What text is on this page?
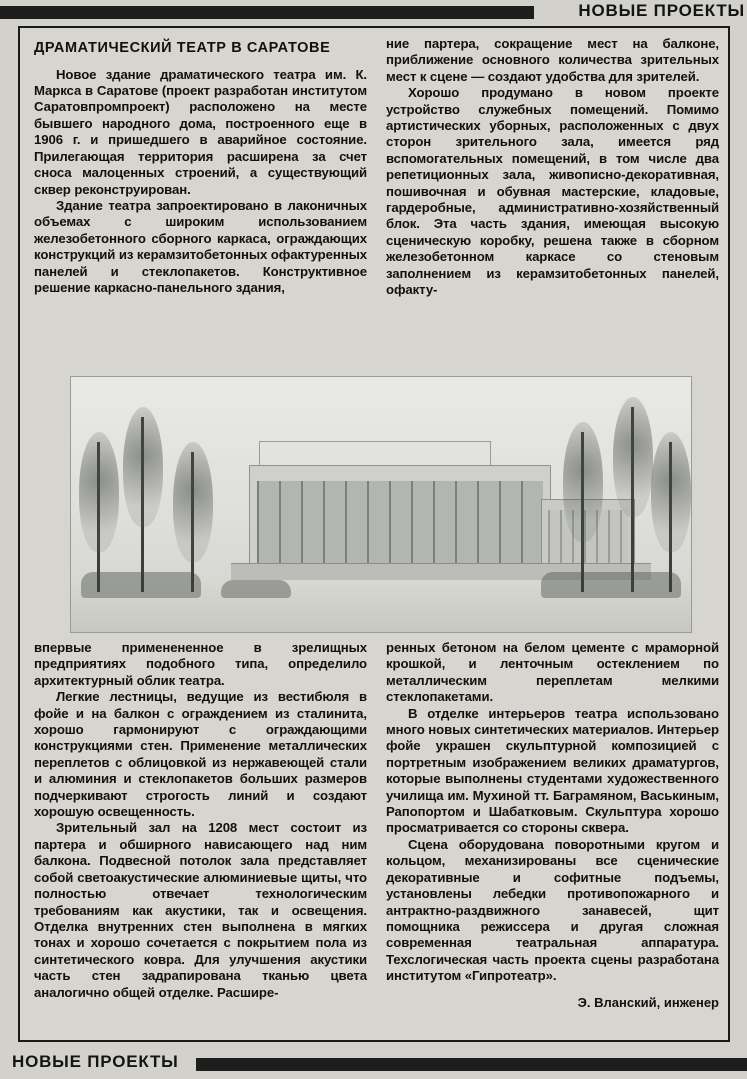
НОВЫЕ ПРОЕКТЫ
ДРАМАТИЧЕСКИЙ ТЕАТР В САРАТОВЕ

Новое здание драматического театра им. К. Маркса в Саратове (проект разработан институтом Саратовпромпроект) расположено на месте бывшего народного дома, построенного еще в 1906 г. и пришедшего в аварийное состояние. Прилегающая территория расширена за счет сноса малоценных строений, а существующий сквер реконструирован.

Здание театра запроектировано в лаконичных объемах с широким использованием железобетонного сборного каркаса, ограждающих конструкций из керамзитобетонных офактуренных панелей и стеклопакетов. Конструктивное решение каркасно-панельного здания,

ние партера, сокращение мест на балконе, приближение основного количества зрительных мест к сцене — создают удобства для зрителей.

Хорошо продумано в новом проекте устройство служебных помещений. Помимо артистических уборных, расположенных с двух сторон зрительного зала, имеется ряд вспомогательных помещений, в том числе два репетиционных зала, живописно-декоративная, пошивочная и обувная мастерские, кладовые, гардеробные, административно-хозяйственный блок. Эта часть здания, имеющая высокую сценическую коробку, решена также в сборном железобетонном каркасе со стеновым заполнением из керамзитобетонных панелей, офакту-

впервые применененное в зрелищных предприятиях подобного типа, определило архитектурный облик театра.

Легкие лестницы, ведущие из вестибюля в фойе и на балкон с ограждением из сталинита, хорошо гармонируют с ограждающими конструкциями стен. Применение металлических переплетов с облицовкой из нержавеющей стали и алюминия и стеклопакетов больших размеров подчеркивают строгость линий и создают хорошую освещенность.

Зрительный зал на 1208 мест состоит из партера и обширного нависающего над ним балкона. Подвесной потолок зала представляет собой светоакустические алюминиевые щиты, что полностью отвечает технологическим требованиям как акустики, так и освещения. Отделка внутренних стен выполнена в мягких тонах и хорошо сочетается с покрытием пола из синтетического ковра. Для улучшения акустики часть стен задрапирована тканью цвета аналогично общей отделке. Расшире-

ренных бетоном на белом цементе с мраморной крошкой, и ленточным остеклением по металлическим переплетам мелкими стеклопакетами.

В отделке интерьеров театра использовано много новых синтетических материалов. Интерьер фойе украшен скульптурной композицией с портретным изображением великих драматургов, которые выполнены студентами художественного училища им. Мухиной тт. Баграмяном, Васькиным, Рапопортом и Шабатковым. Скульптура хорошо просматривается со стороны сквера.

Сцена оборудована поворотными кругом и кольцом, механизированы все сценические декоративные и софитные подъемы, установлены лебедки противопожарного и антрактно-раздвижного занавесей, щит помощника режиссера и другая сложная современная театральная аппаратура. Техслогическая часть проекта сцены разработана институтом «Гипротеатр».

Э. Вланский, инженер
НОВЫЕ ПРОЕКТЫ
